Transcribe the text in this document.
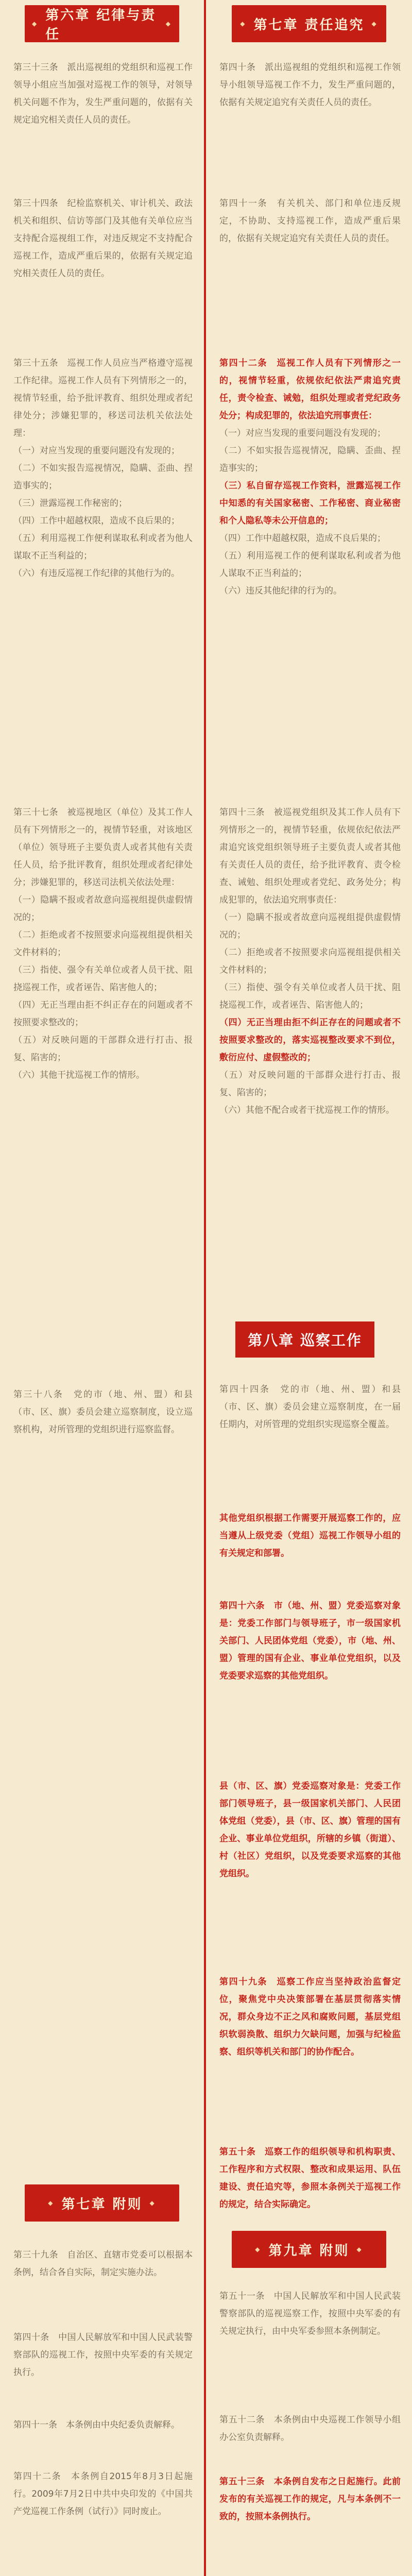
◆ 第六章 纪律与责任
◆

第三十三条　派出巡视组的党组织和巡视工作领导小组应当加强对巡视工作的领导，对领导机关问题不作为，发生严重问题的，依据有关规定追究相关责任人员的责任。

第三十四条　纪检监察机关、审计机关、政法机关和组织、信访等部门及其他有关单位应当支持配合巡视组工作，对违反规定不支持配合巡视工作，造成严重后果的，依据有关规定追究相关责任人员的责任。

第三十五条　巡视工作人员应当严格遵守巡视工作纪律。巡视工作人员有下列情形之一的，视情节轻重，给予批评教育、组织处理或者纪律处分；涉嫌犯罪的，移送司法机关依法处理：

（一）对应当发现的重要问题没有发现的；

（二）不如实报告巡视情况，隐瞒、歪曲、捏造事实的；

（三）泄露巡视工作秘密的；

（四）工作中超越权限，造成不良后果的；

（五）利用巡视工作便利谋取私利或者为他人谋取不正当利益的；

（六）有违反巡视工作纪律的其他行为的。

第三十七条　被巡视地区（单位）及其工作人员有下列情形之一的，视情节轻重，对该地区（单位）领导班子主要负责人或者其他有关责任人员，给予批评教育，组织处理或者纪律处分；涉嫌犯罪的，移送司法机关依法处理：

（一）隐瞒不报或者故意向巡视组提供虚假情况的；

（二）拒绝或者不按照要求向巡视组提供相关文件材料的；

（三）指使、强令有关单位或者人员干扰、阻挠巡视工作，或者诬告、陷害他人的；

（四）无正当理由拒不纠正存在的问题或者不按照要求整改的；

（五）对反映问题的干部群众进行打击、报复、陷害的；

（六）其他干扰巡视工作的情形。

第三十八条　党的市（地、州、盟）和县（市、区、旗）委员会建立巡察制度，设立巡察机构，对所管理的党组织进行巡察监督。

◆ 第七章 附则
◆

第三十九条　自治区、直辖市党委可以根据本条例，结合各自实际，制定实施办法。

第四十条　中国人民解放军和中国人民武装警察部队的巡视工作，按照中央军委的有关规定执行。

第四十一条　本条例由中央纪委负责解释。

第四十二条　本条例自2015年8月3日起施行。2009年7月2日中共中央印发的《中国共产党巡视工作条例（试行）》同时废止。

◆ 第七章 责任追究
◆

第四十条　派出巡视组的党组织和巡视工作领导小组领导巡视工作不力，发生严重问题的，依据有关规定追究有关责任人员的责任。

第四十一条　有关机关、部门和单位违反规定，不协助、支持巡视工作，造成严重后果的，依据有关规定追究有关责任人员的责任。

第四十二条　巡视工作人员有下列情形之一的，视情节轻重，依规依纪依法严肃追究责任，责令检查、诫勉，组织处理或者党纪政务处分；构成犯罪的，依法追究刑事责任：

（一）对应当发现的重要问题没有发现的；

（二）不如实报告巡视情况，隐瞒、歪曲、捏造事实的；

（三）私自留存巡视工作资料，泄露巡视工作中知悉的有关国家秘密、工作秘密、商业秘密和个人隐私等未公开信息的；

（四）工作中超越权限，造成不良后果的；

（五）利用巡视工作的便利谋取私利或者为他人谋取不正当利益的；

（六）违反其他纪律的行为的。

第四十三条　被巡视党组织及其工作人员有下列情形之一的，视情节轻重，依规依纪依法严肃追究该党组织领导班子主要负责人或者其他有关责任人员的责任，给予批评教育、责令检查、诫勉、组织处理或者党纪、政务处分；构成犯罪的，依法追究刑事责任：

（一）隐瞒不报或者故意向巡视组提供虚假情况的；

（二）拒绝或者不按照要求向巡视组提供相关文件材料的；

（三）指使、强令有关单位或者人员干扰、阻挠巡视工作，或者诬告、陷害他人的；

（四）无正当理由拒不纠正存在的问题或者不按照要求整改的，落实巡视整改要求不到位，敷衍应付、虚假整改的；

（五）对反映问题的干部群众进行打击、报复、陷害的；

（六）其他不配合或者干扰巡视工作的情形。

第八章 巡察工作

第四十四条　党的市（地、州、盟）和县（市、区、旗）委员会建立巡察制度，在一届任期内，对所管理的党组织实现巡察全覆盖。

其他党组织根据工作需要开展巡察工作的，应当遵从上级党委（党组）巡视工作领导小组的有关规定和部署。

第四十六条　市（地、州、盟）党委巡察对象是：党委工作部门与领导班子，市一级国家机关部门、人民团体党组（党委），市（地、州、盟）管理的国有企业、事业单位党组织，以及党委要求巡察的其他党组织。

县（市、区、旗）党委巡察对象是：党委工作部门领导班子，县一级国家机关部门、人民团体党组（党委），县（市、区、旗）管理的国有企业、事业单位党组织，所辖的乡镇（街道）、村（社区）党组织，以及党委要求巡察的其他党组织。

第四十九条　巡察工作应当坚持政治监督定位，聚焦党中央决策部署在基层贯彻落实情况，群众身边不正之风和腐败问题，基层党组织软弱涣散、组织力欠缺问题，加强与纪检监察、组织等机关和部门的协作配合。

第五十条　巡察工作的组织领导和机构职责、工作程序和方式权限、整改和成果运用、队伍建设、责任追究等，参照本条例关于巡视工作的规定，结合实际确定。

◆ 第九章 附则
◆

第五十一条　中国人民解放军和中国人民武装警察部队的巡视巡察工作，按照中央军委的有关规定执行，由中央军委参照本条例制定。

第五十二条　本条例由中央巡视工作领导小组办公室负责解释。

第五十三条　本条例自发布之日起施行。此前发布的有关巡视工作的规定，凡与本条例不一致的，按照本条例执行。
